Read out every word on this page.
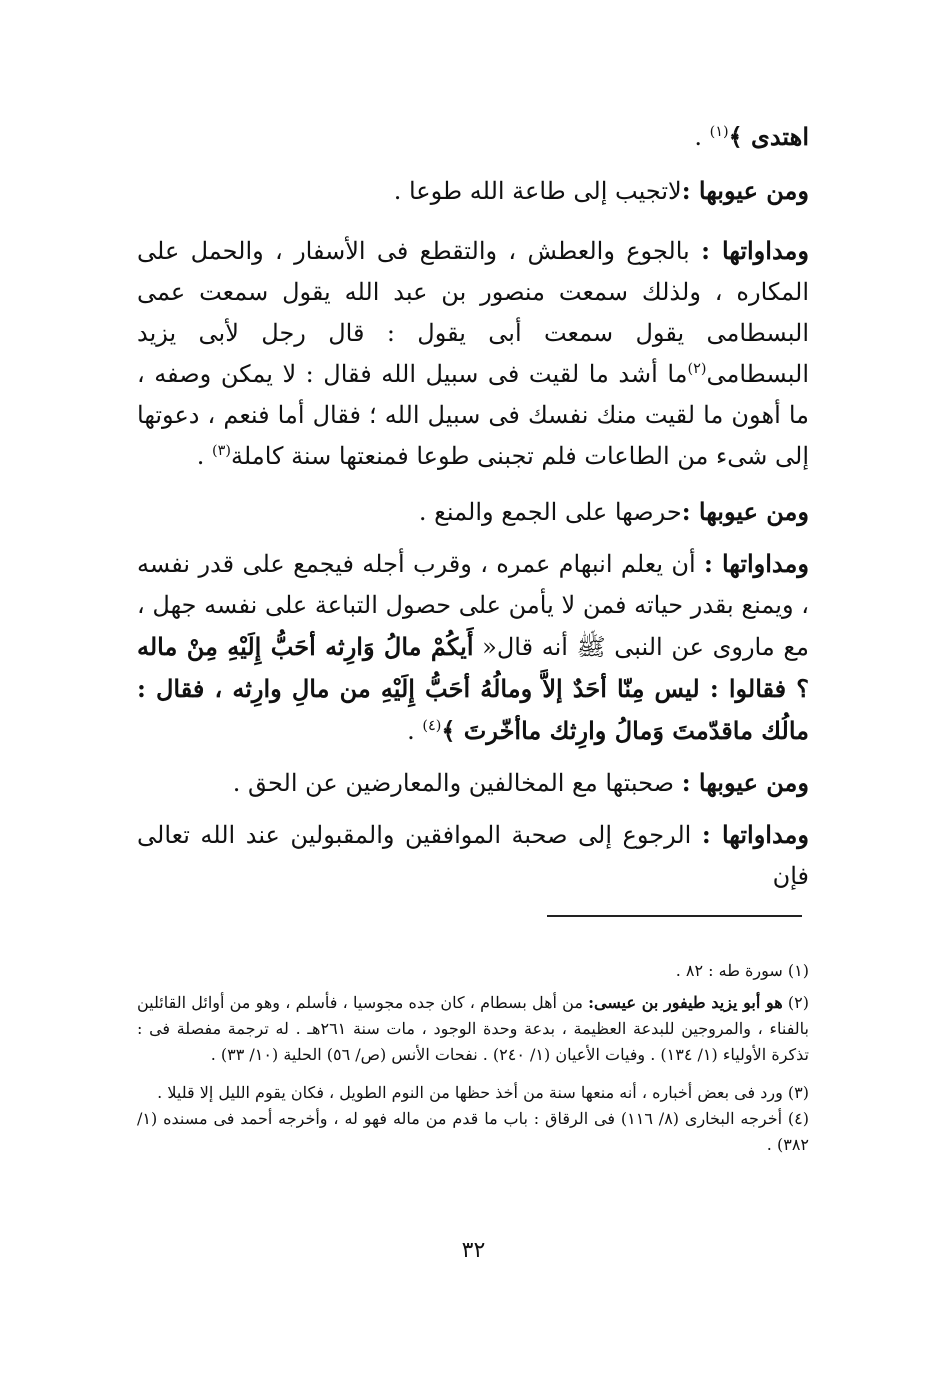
اهتدى ﴾$^{(١)}$ .

ومن عيوبها :لاتجيب إلى طاعة الله طوعا .

ومداواتها : بالجوع والعطش ، والتقطع فى الأسفار ، والحمل على المكاره ، ولذلك سمعت منصور بن عبد الله يقول سمعت عمى البسطامى يقول سمعت أبى يقول : قال رجل لأبى يزيد البسطامى$^{(٢)}$ما أشد ما لقيت فى سبيل الله فقال : لا يمكن وصفه ، ما أهون ما لقيت منك نفسك فى سبيل الله ؛ فقال أما فنعم ، دعوتها إلى شىء من الطاعات فلم تجبنى طوعا فمنعتها سنة كاملة$^{(٣)}$ .

ومن عيوبها :حرصها على الجمع والمنع .

ومداواتها : أن يعلم انبهام عمره ، وقرب أجله فيجمع على قدر نفسه ، ويمنع بقدر حياته فمن لا يأمن على حصول التباعة على نفسه جهل ، مع ماروى عن النبى ﷺ أنه قال« أَيكُمْ مالُ وَارِثه أحَبُّ إِلَيْهِ مِنْ ماله ؟ فقالوا : ليس مِنّا أحَدٌ إلاَّ ومالُهُ أحَبُّ إِلَيْهِ من مالِ وارِثه ، فقال : مالُك ماقدّمتَ وَمالُ وارِثك ماأخّرتَ ﴾$^{(٤)}$ .

ومن عيوبها : صحبتها مع المخالفين والمعارضين عن الحق .

ومداواتها : الرجوع إلى صحبة الموافقين والمقبولين عند الله تعالى فإن

(١) سورة طه : ٨٢ .

(٢) هو أبو يزيد طيفور بن عيسى: من أهل بسطام ، كان جده مجوسيا ، فأسلم ، وهو من أوائل القائلين بالفناء ، والمروجين للبدعة العظيمة ، بدعة وحدة الوجود ، مات سنة ٢٦١هـ . له ترجمة مفصلة فى : تذكرة الأولياء (١/ ١٣٤) . وفيات الأعيان (١/ ٢٤٠) . نفحات الأنس (ص/ ٥٦) الحلية (١٠/ ٣٣) .

(٣) ورد فى بعض أخباره ، أنه منعها سنة من أخذ حظها من النوم الطويل ، فكان يقوم الليل إلا قليلا .

(٤) أخرجه البخارى (٨/ ١١٦) فى الرقاق : باب ما قدم من ماله فهو له ، وأخرجه أحمد فى مسنده (١/ ٣٨٢) .

٣٢
